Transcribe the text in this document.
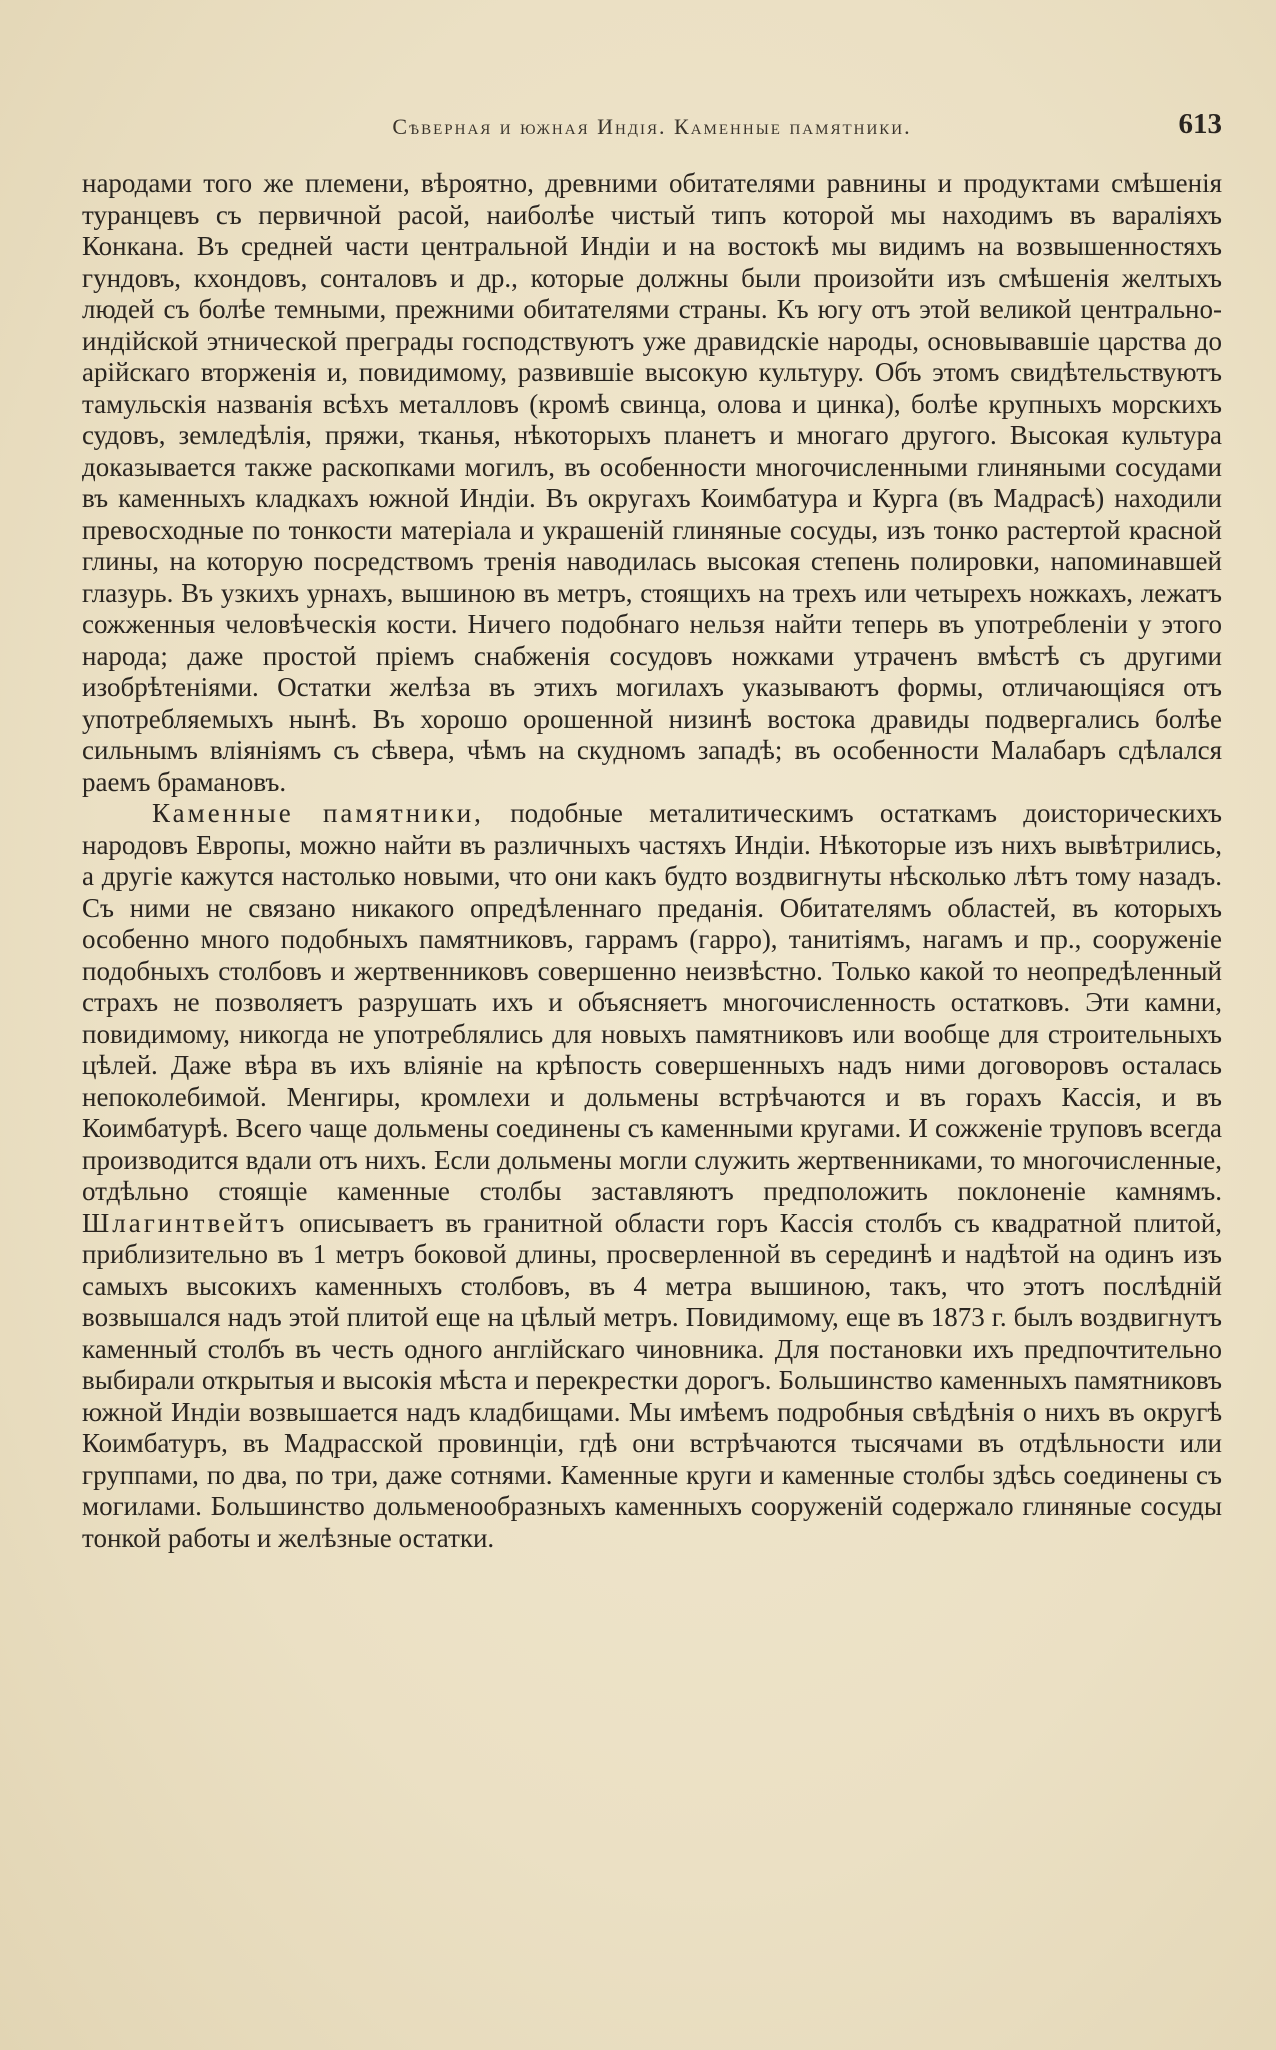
Сѣверная и южная Индія. Каменные памятники.	613

народами того же племени, вѣроятно, древними обитателями равнины и продуктами смѣшенія туранцевъ съ первичной расой, наиболѣе чистый типъ которой мы находимъ въ вараліяхъ Конкана. Въ средней части центральной Индіи и на востокѣ мы видимъ на возвышенностяхъ гундовъ, кхондовъ, сонталовъ и др., которые должны были произойти изъ смѣшенія желтыхъ людей съ болѣе темными, прежними обитателями страны. Къ югу отъ этой великой центрально-индійской этнической преграды господствуютъ уже дравидскіе народы, основывавшіе царства до арійскаго вторженія и, повидимому, развившіе высокую культуру. Объ этомъ свидѣтельствуютъ тамульскія названія всѣхъ металловъ (кромѣ свинца, олова и цинка), болѣе крупныхъ морскихъ судовъ, земледѣлія, пряжи, тканья, нѣкоторыхъ планетъ и многаго другого. Высокая культура доказывается также раскопками могилъ, въ особенности многочисленными глиняными сосудами въ каменныхъ кладкахъ южной Индіи. Въ округахъ Коимбатура и Курга (въ Мадрасѣ) находили превосходные по тонкости матеріала и украшеній глиняные сосуды, изъ тонко растертой красной глины, на которую посредствомъ тренія наводилась высокая степень полировки, напоминавшей глазурь. Въ узкихъ урнахъ, вышиною въ метръ, стоящихъ на трехъ или четырехъ ножкахъ, лежатъ сожженныя человѣческія кости. Ничего подобнаго нельзя найти теперь въ употребленіи у этого народа; даже простой пріемъ снабженія сосудовъ ножками утраченъ вмѣстѣ съ другими изобрѣтеніями. Остатки желѣза въ этихъ могилахъ указываютъ формы, отличающіяся отъ употребляемыхъ нынѣ. Въ хорошо орошенной низинѣ востока дравиды подвергались болѣе сильнымъ вліяніямъ съ сѣвера, чѣмъ на скудномъ западѣ; въ особенности Малабаръ сдѣлался раемъ брамановъ.

Каменные памятники, подобные металитическимъ остаткамъ доисторическихъ народовъ Европы, можно найти въ различныхъ частяхъ Индіи. Нѣкоторые изъ нихъ вывѣтрились, а другіе кажутся настолько новыми, что они какъ будто воздвигнуты нѣсколько лѣтъ тому назадъ. Съ ними не связано никакого опредѣленнаго преданія. Обитателямъ областей, въ которыхъ особенно много подобныхъ памятниковъ, гаррамъ (гарро), танитіямъ, нагамъ и пр., сооруженіе подобныхъ столбовъ и жертвенниковъ совершенно неизвѣстно. Только какой то неопредѣленный страхъ не позволяетъ разрушать ихъ и объясняетъ многочисленность остатковъ. Эти камни, повидимому, никогда не употреблялись для новыхъ памятниковъ или вообще для строительныхъ цѣлей. Даже вѣра въ ихъ вліяніе на крѣпость совершенныхъ надъ ними договоровъ осталась непоколебимой. Менгиры, кромлехи и дольмены встрѣчаются и въ горахъ Кассія, и въ Коимбатурѣ. Всего чаще дольмены соединены съ каменными кругами. И сожженіе труповъ всегда производится вдали отъ нихъ. Если дольмены могли служить жертвенниками, то многочисленные, отдѣльно стоящіе каменные столбы заставляютъ предположить поклоненіе камнямъ. Шлагинтвейтъ описываетъ въ гранитной области горъ Кассія столбъ съ квадратной плитой, приблизительно въ 1 метръ боковой длины, просверленной въ серединѣ и надѣтой на одинъ изъ самыхъ высокихъ каменныхъ столбовъ, въ 4 метра вышиною, такъ, что этотъ послѣдній возвышался надъ этой плитой еще на цѣлый метръ. Повидимому, еще въ 1873 г. былъ воздвигнутъ каменный столбъ въ честь одного англійскаго чиновника. Для постановки ихъ предпочтительно выбирали открытыя и высокія мѣста и перекрестки дорогъ. Большинство каменныхъ памятниковъ южной Индіи возвышается надъ кладбищами. Мы имѣемъ подробныя свѣдѣнія о нихъ въ округѣ Коимбатуръ, въ Мадрасской провинціи, гдѣ они встрѣчаются тысячами въ отдѣльности или группами, по два, по три, даже сотнями. Каменные круги и каменные столбы здѣсь соединены съ могилами. Большинство дольменообразныхъ каменныхъ сооруженій содержало глиняные сосуды тонкой работы и желѣзные остатки.
